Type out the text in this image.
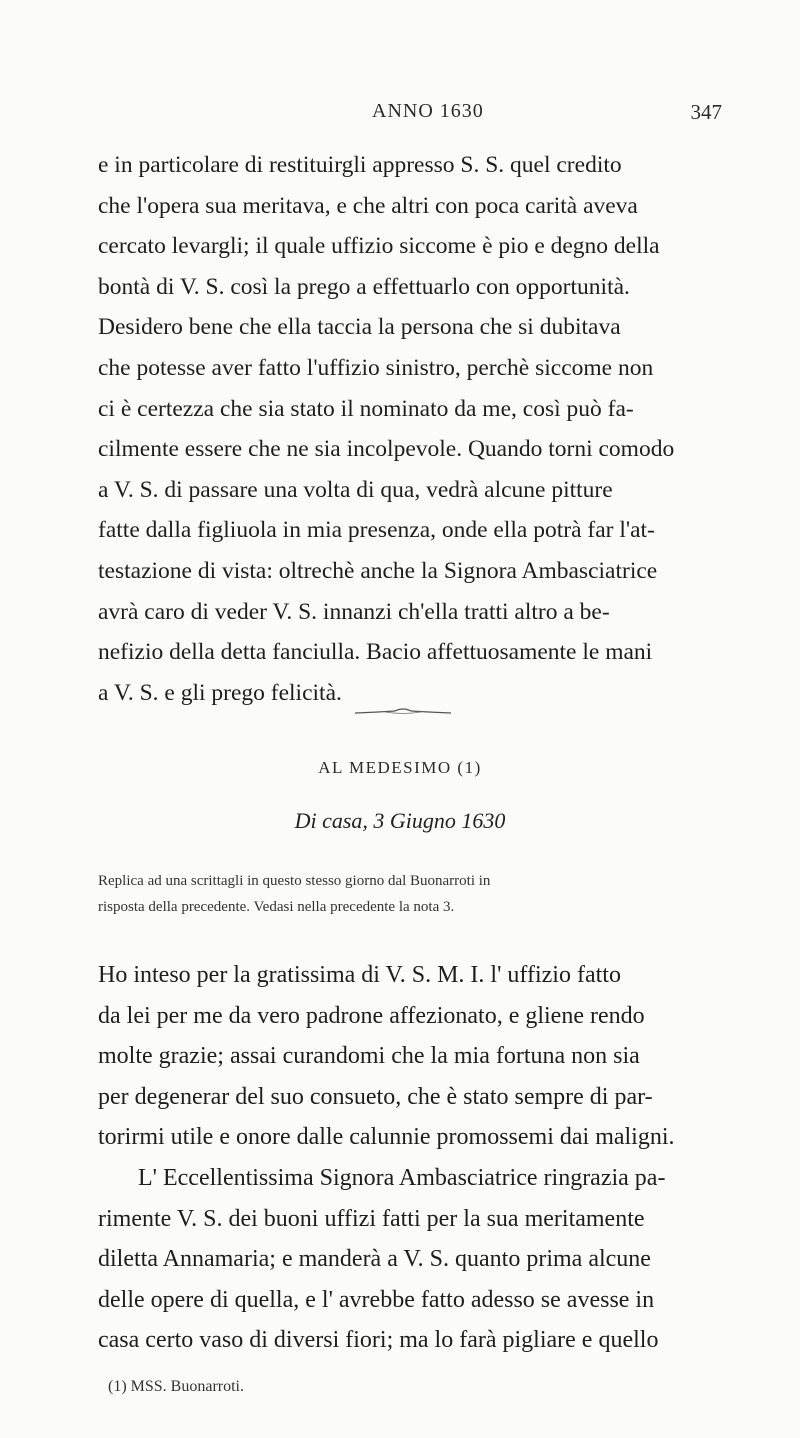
ANNO 1630	347
e in particolare di restituirgli appresso S. S. quel credito
che l'opera sua meritava, e che altri con poca carità aveva
cercato levargli; il quale uffizio siccome è pio e degno della
bontà di V. S. così la prego a effettuarlo con opportunità.
Desidero bene che ella taccia la persona che si dubitava
che potesse aver fatto l'uffizio sinistro, perchè siccome non
ci è certezza che sia stato il nominato da me, così può fa-
cilmente essere che ne sia incolpevole. Quando torni comodo
a V. S. di passare una volta di qua, vedrà alcune pitture
fatte dalla figliuola in mia presenza, onde ella potrà far l'at-
testazione di vista: oltrechè anche la Signora Ambasciatrice
avrà caro di veder V. S. innanzi ch'ella tratti altro a be-
nefizio della detta fanciulla. Bacio affettuosamente le mani
a V. S. e gli prego felicità.
AL MEDESIMO (1)
Di casa, 3 Giugno 1630
Replica ad una scrittagli in questo stesso giorno dal Buonarroti in
risposta della precedente. Vedasi nella precedente la nota 3.
Ho inteso per la gratissima di V. S. M. I. l' uffizio fatto
da lei per me da vero padrone affezionato, e gliene rendo
molte grazie; assai curandomi che la mia fortuna non sia
per degenerar del suo consueto, che è stato sempre di par-
torirmi utile e onore dalle calunnie promossemi dai maligni.
L' Eccellentissima Signora Ambasciatrice ringrazia pa-
rimente V. S. dei buoni uffizi fatti per la sua meritamente
diletta Annamaria; e manderà a V. S. quanto prima alcune
delle opere di quella, e l' avrebbe fatto adesso se avesse in
casa certo vaso di diversi fiori; ma lo farà pigliare e quello
(1) MSS. Buonarroti.
